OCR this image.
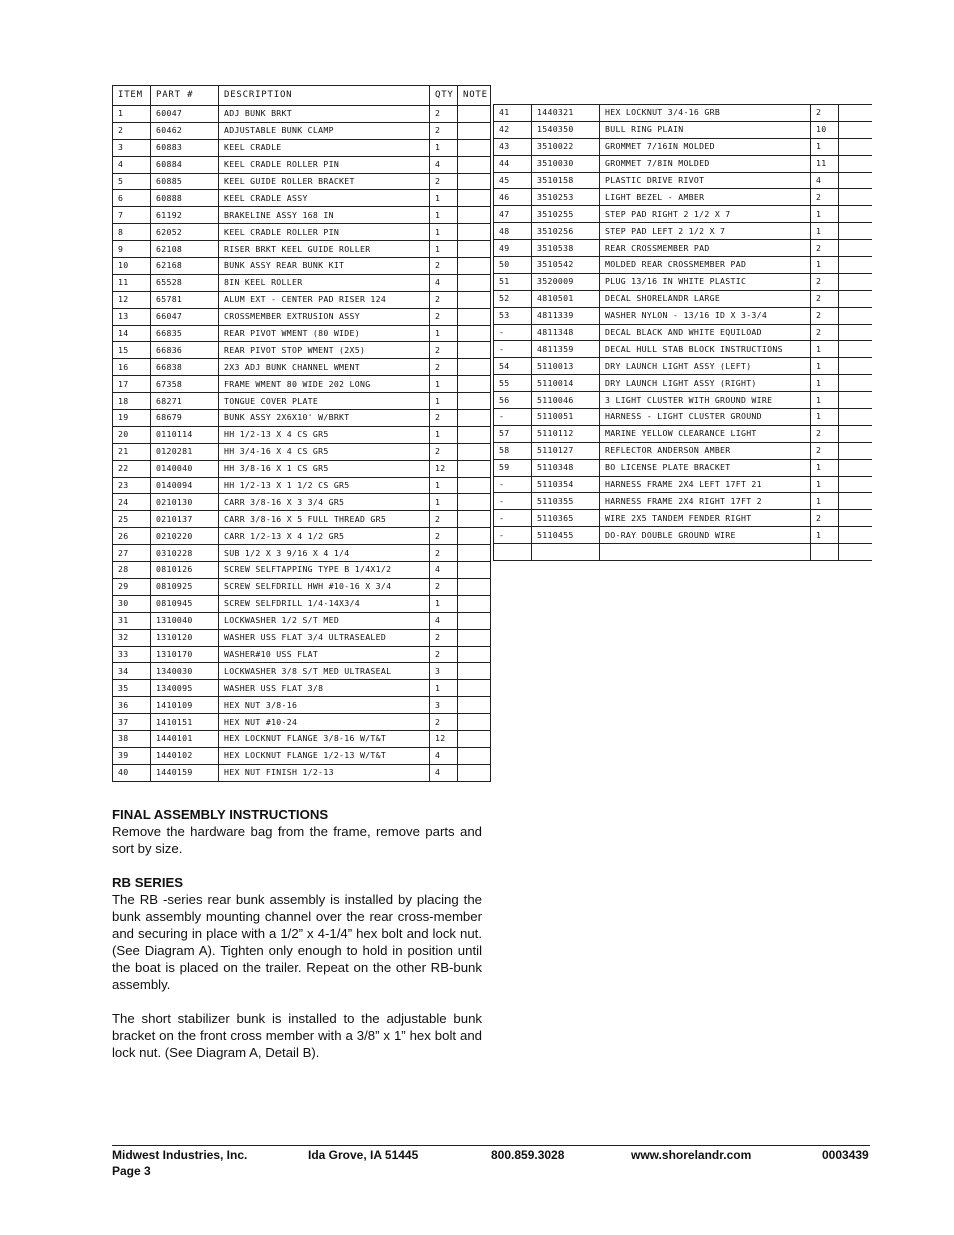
ITEM	PART #	DESCRIPTION	QTY	NOTE
1	60047	ADJ BUNK BRKT	2	
2	60462	ADJUSTABLE BUNK CLAMP	2	
3	60883	KEEL CRADLE	1	
4	60884	KEEL CRADLE ROLLER PIN	4	
5	60885	KEEL GUIDE ROLLER BRACKET	2	
6	60888	KEEL CRADLE ASSY	1	
7	61192	BRAKELINE ASSY 168 IN	1	
8	62052	KEEL CRADLE ROLLER PIN	1	
9	62108	RISER BRKT KEEL GUIDE ROLLER	1	
10	62168	BUNK ASSY REAR BUNK KIT	2	
11	65528	8IN KEEL ROLLER	4	
12	65781	ALUM EXT - CENTER PAD RISER 124	2	
13	66047	CROSSMEMBER EXTRUSION ASSY	2	
14	66835	REAR PIVOT WMENT (80 WIDE)	1	
15	66836	REAR PIVOT STOP WMENT (2X5)	2	
16	66838	2X3 ADJ BUNK CHANNEL WMENT	2	
17	67358	FRAME WMENT 80 WIDE 202 LONG	1	
18	68271	TONGUE COVER PLATE	1	
19	68679	BUNK ASSY 2X6X10' W/BRKT	2	
20	0110114	HH 1/2-13 X 4 CS GR5	1	
21	0120281	HH 3/4-16 X 4 CS GR5	2	
22	0140040	HH 3/8-16 X 1 CS GR5	12	
23	0140094	HH 1/2-13 X 1 1/2 CS GR5	1	
24	0210130	CARR 3/8-16 X 3 3/4 GR5	1	
25	0210137	CARR 3/8-16 X 5 FULL THREAD GR5	2	
26	0210220	CARR 1/2-13 X 4 1/2 GR5	2	
27	0310228	SUB 1/2 X 3 9/16 X 4 1/4	2	
28	0810126	SCREW SELFTAPPING TYPE B 1/4X1/2	4	
29	0810925	SCREW SELFDRILL HWH #10-16 X 3/4	2	
30	0810945	SCREW SELFDRILL 1/4-14X3/4	1	
31	1310040	LOCKWASHER 1/2 S/T MED	4	
32	1310120	WASHER USS FLAT 3/4 ULTRASEALED	2	
33	1310170	WASHER#10 USS FLAT	2	
34	1340030	LOCKWASHER 3/8 S/T MED ULTRASEAL	3	
35	1340095	WASHER USS FLAT 3/8	1	
36	1410109	HEX NUT 3/8-16	3	
37	1410151	HEX NUT #10-24	2	
38	1440101	HEX LOCKNUT FLANGE 3/8-16 W/T&T	12	
39	1440102	HEX LOCKNUT FLANGE 1/2-13 W/T&T	4	
40	1440159	HEX NUT FINISH 1/2-13	4	
41	1440321	HEX LOCKNUT 3/4-16 GRB	2	
42	1540350	BULL RING PLAIN	10	
43	3510022	GROMMET 7/16IN MOLDED	1	
44	3510030	GROMMET 7/8IN MOLDED	11	
45	3510158	PLASTIC DRIVE RIVOT	4	
46	3510253	LIGHT BEZEL - AMBER	2	
47	3510255	STEP PAD RIGHT 2 1/2 X 7	1	
48	3510256	STEP PAD LEFT 2 1/2 X 7	1	
49	3510538	REAR CROSSMEMBER PAD	2	
50	3510542	MOLDED REAR CROSSMEMBER PAD	1	
51	3520009	PLUG 13/16 IN WHITE PLASTIC	2	
52	4810501	DECAL SHORELANDR LARGE	2	
53	4811339	WASHER NYLON - 13/16 ID X 3-3/4	2	
-	4811348	DECAL BLACK AND WHITE EQUILOAD	2	
-	4811359	DECAL HULL STAB BLOCK INSTRUCTIONS	1	
54	5110013	DRY LAUNCH LIGHT ASSY (LEFT)	1	
55	5110014	DRY LAUNCH LIGHT ASSY (RIGHT)	1	
56	5110046	3 LIGHT CLUSTER WITH GROUND WIRE	1	
-	5110051	HARNESS - LIGHT CLUSTER GROUND	1	
57	5110112	MARINE YELLOW CLEARANCE LIGHT	2	
58	5110127	REFLECTOR ANDERSON AMBER	2	
59	5110348	BO LICENSE PLATE BRACKET	1	
-	5110354	HARNESS FRAME 2X4 LEFT 17FT 21	1	
-	5110355	HARNESS FRAME 2X4 RIGHT 17FT 2	1	
-	5110365	WIRE 2X5 TANDEM FENDER RIGHT	2	
-	5110455	DO-RAY DOUBLE GROUND WIRE	1	

FINAL ASSEMBLY INSTRUCTIONS

Remove the hardware bag from the frame, remove parts and sort by size.

RB SERIES

The RB -series rear bunk assembly is installed by placing the bunk assembly mounting channel over the rear cross-member and securing in place with a 1/2” x 4-1/4” hex bolt and lock nut. (See Diagram A). Tighten only enough to hold in position until the boat is placed on the trailer. Repeat on the other RB-bunk assembly.

The short stabilizer bunk is installed to the adjustable bunk bracket on the front cross member with a 3/8” x 1” hex bolt and lock nut. (See Diagram A, Detail B).

Midwest Industries, Inc.
Page 3
Ida Grove, IA 51445	800.859.3028	www.shorelandr.com	0003439
